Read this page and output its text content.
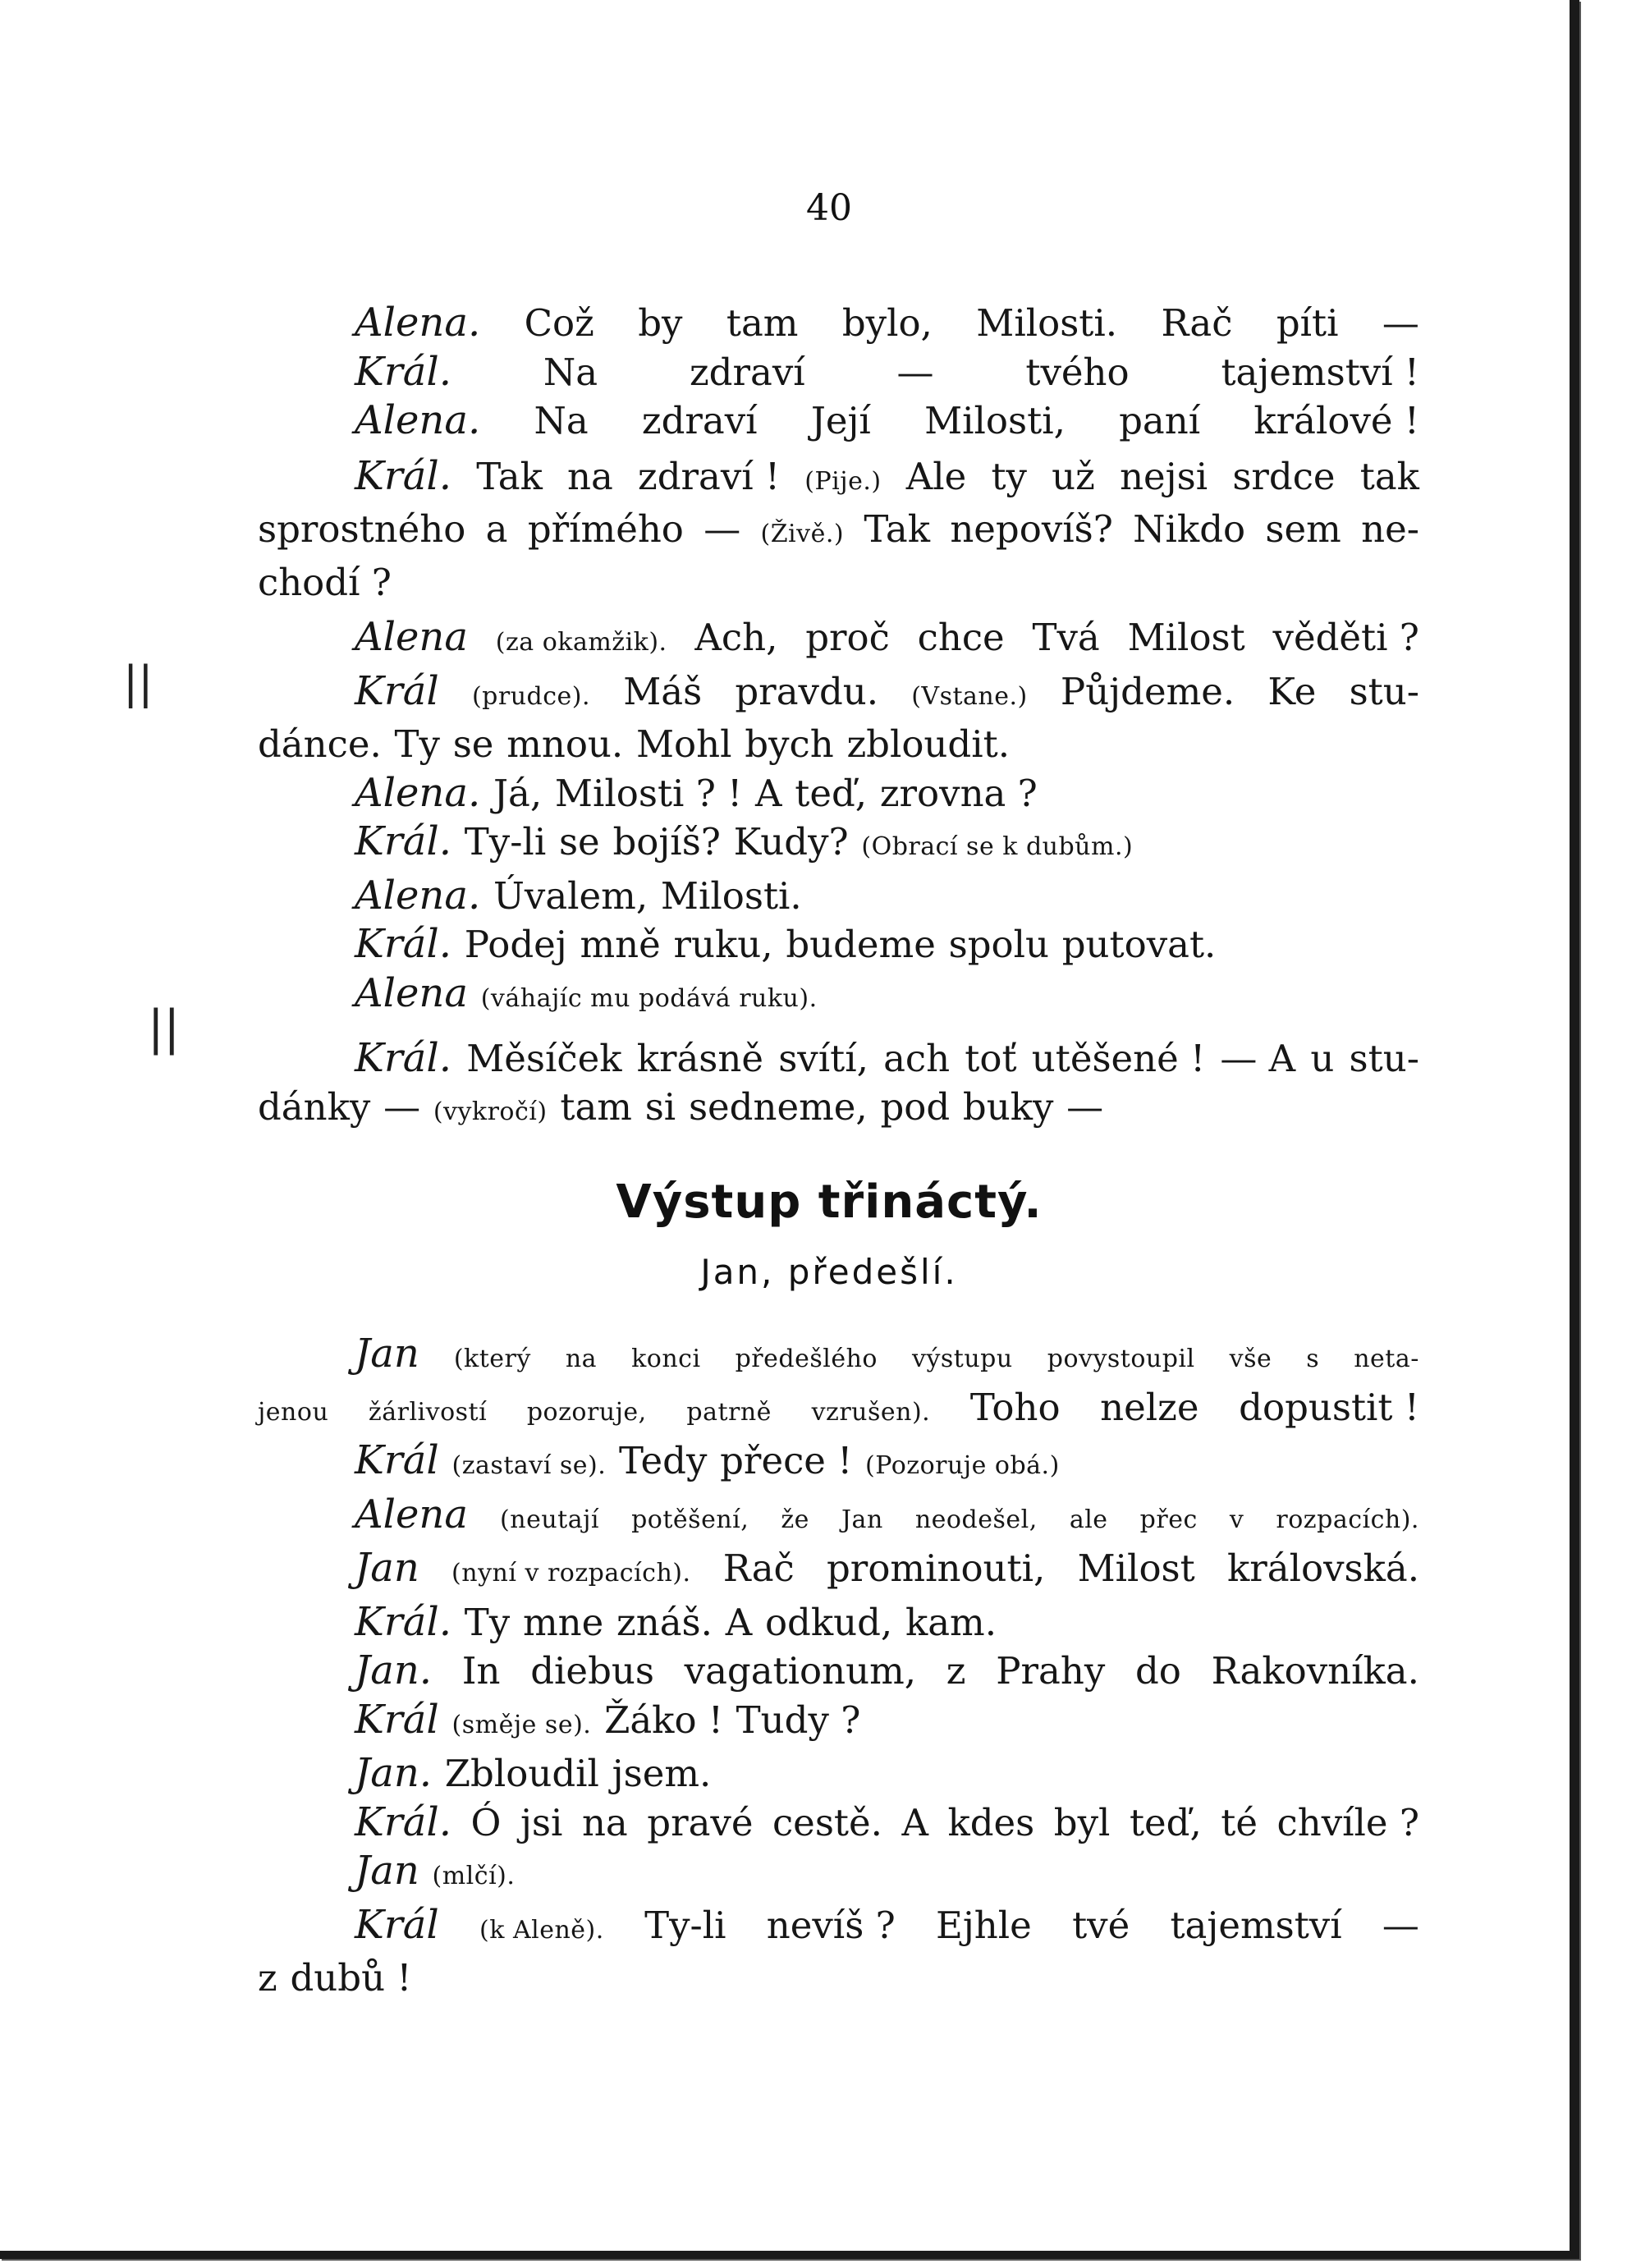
40
||
||
Alena. Což by tam bylo, Milosti. Rač píti —
Král. Na zdraví — tvého tajemství !
Alena. Na zdraví Její Milosti, paní králové !
Král. Tak na zdraví ! (Pije.) Ale ty už nejsi srdce tak
sprostného a přímého — (Živě.) Tak nepovíš? Nikdo sem ne-
chodí ?
Alena (za okamžik). Ach, proč chce Tvá Milost věděti ?
Král (prudce). Máš pravdu. (Vstane.) Půjdeme. Ke stu-
dánce. Ty se mnou. Mohl bych zbloudit.
Alena. Já, Milosti ? ! A teď, zrovna ?
Král. Ty-li se bojíš? Kudy? (Obrací se k dubům.)
Alena. Úvalem, Milosti.
Král. Podej mně ruku, budeme spolu putovat.
Alena (váhajíc mu podává ruku).
Král. Měsíček krásně svítí, ach toť utěšené ! — A u stu-
dánky — (vykročí) tam si sedneme, pod buky —
Výstup třináctý.
Jan, předešlí.
Jan (který na konci předešlého výstupu povystoupil vše s neta-
jenou žárlivostí pozoruje, patrně vzrušen). Toho nelze dopustit !
Král (zastaví se). Tedy přece ! (Pozoruje obá.)
Alena (neutají potěšení, že Jan neodešel, ale přec v rozpacích).
Jan (nyní v rozpacích). Rač prominouti, Milost královská.
Král. Ty mne znáš. A odkud, kam.
Jan. In diebus vagationum, z Prahy do Rakovníka.
Král (směje se). Žáko ! Tudy ?
Jan. Zbloudil jsem.
Král. Ó jsi na pravé cestě. A kdes byl teď, té chvíle ?
Jan (mlčí).
Král (k Aleně). Ty-li nevíš ? Ejhle tvé tajemství —
z dubů !
